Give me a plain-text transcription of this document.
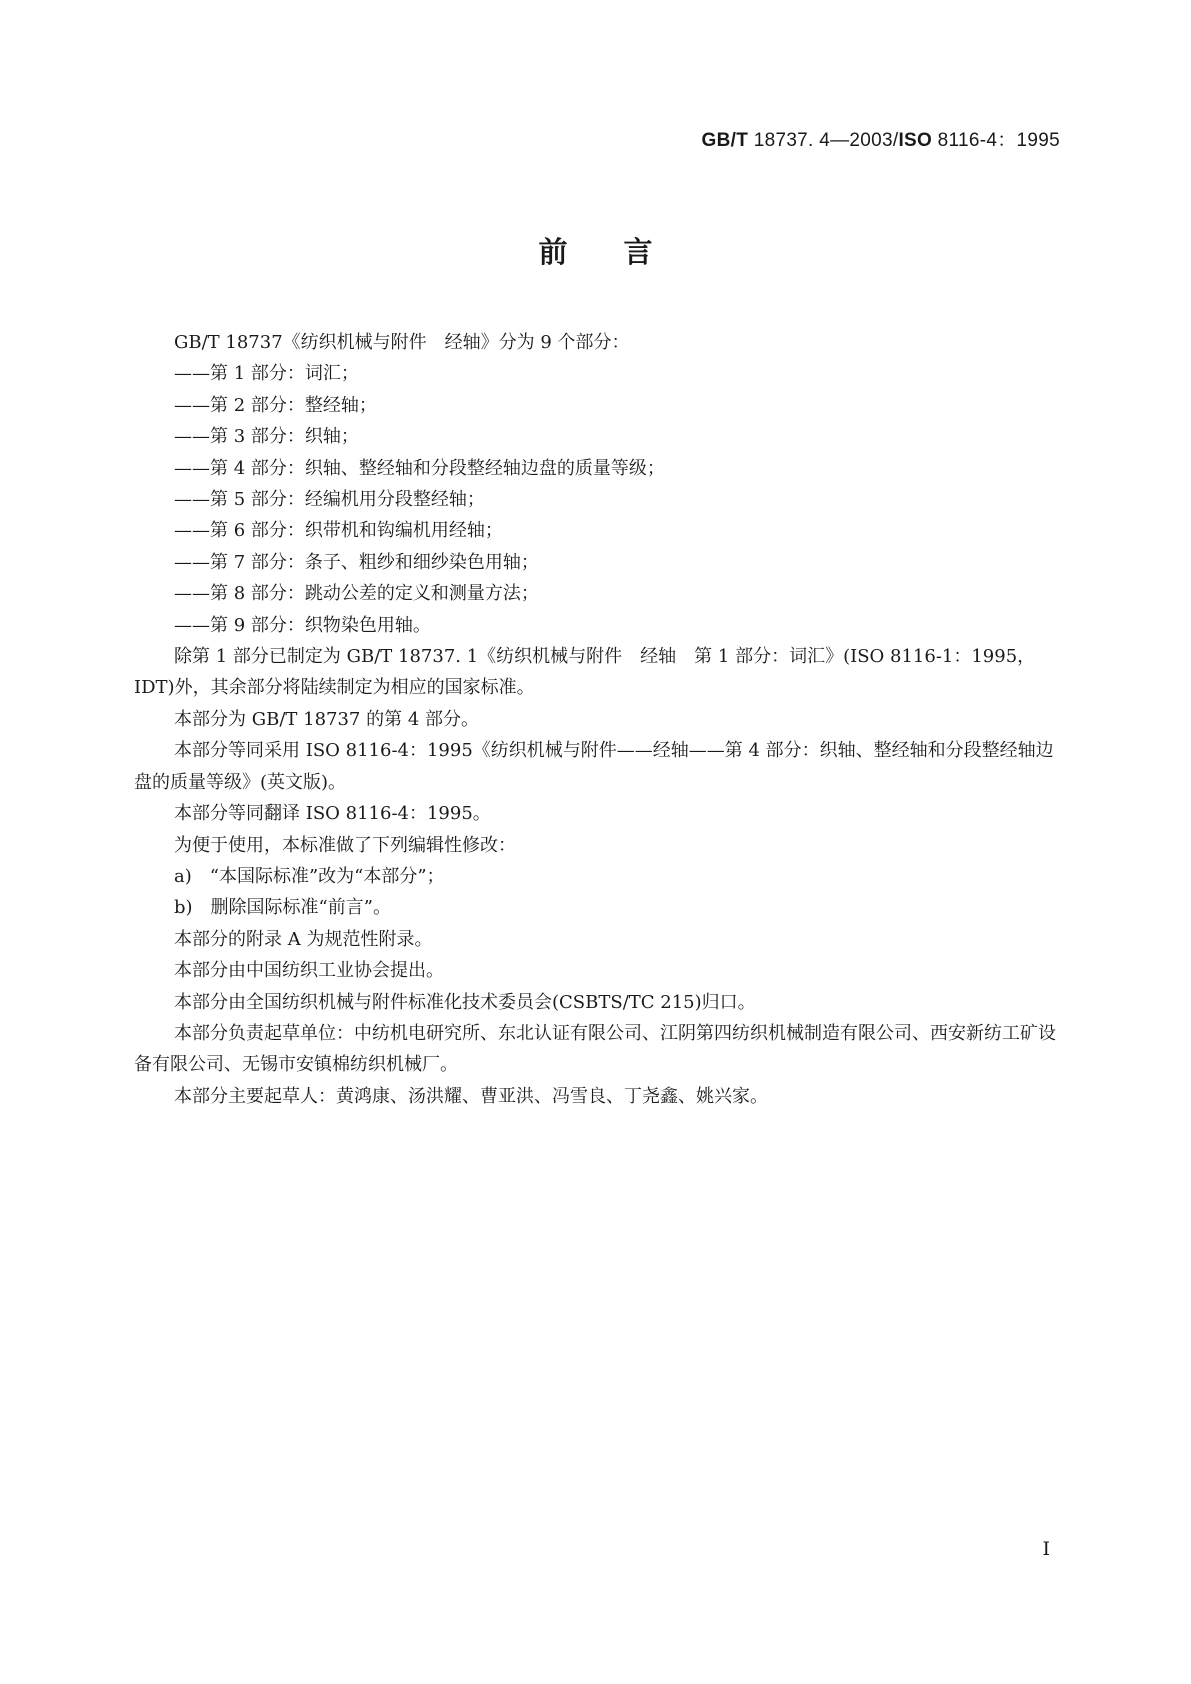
GB/T 18737. 4—2003/ISO 8116-4：1995
前言

GB/T 18737《纺织机械与附件　经轴》分为 9 个部分：

——第 1 部分：词汇；

——第 2 部分：整经轴；

——第 3 部分：织轴；

——第 4 部分：织轴、整经轴和分段整经轴边盘的质量等级；

——第 5 部分：经编机用分段整经轴；

——第 6 部分：织带机和钩编机用经轴；

——第 7 部分：条子、粗纱和细纱染色用轴；

——第 8 部分：跳动公差的定义和测量方法；

——第 9 部分：织物染色用轴。

除第 1 部分已制定为 GB/T 18737. 1《纺织机械与附件　经轴　第 1 部分：词汇》(ISO 8116-1：1995，IDT)外，其余部分将陆续制定为相应的国家标准。

本部分为 GB/T 18737 的第 4 部分。

本部分等同采用 ISO 8116-4：1995《纺织机械与附件——经轴——第 4 部分：织轴、整经轴和分段整经轴边盘的质量等级》(英文版)。

本部分等同翻译 ISO 8116-4：1995。

为便于使用，本标准做了下列编辑性修改：

a)　“本国际标准”改为“本部分”；

b)　删除国际标准“前言”。

本部分的附录 A 为规范性附录。

本部分由中国纺织工业协会提出。

本部分由全国纺织机械与附件标准化技术委员会(CSBTS/TC 215)归口。

本部分负责起草单位：中纺机电研究所、东北认证有限公司、江阴第四纺织机械制造有限公司、西安新纺工矿设备有限公司、无锡市安镇棉纺织机械厂。

本部分主要起草人：黄鸿康、汤洪耀、曹亚洪、冯雪良、丁尧鑫、姚兴家。

I
